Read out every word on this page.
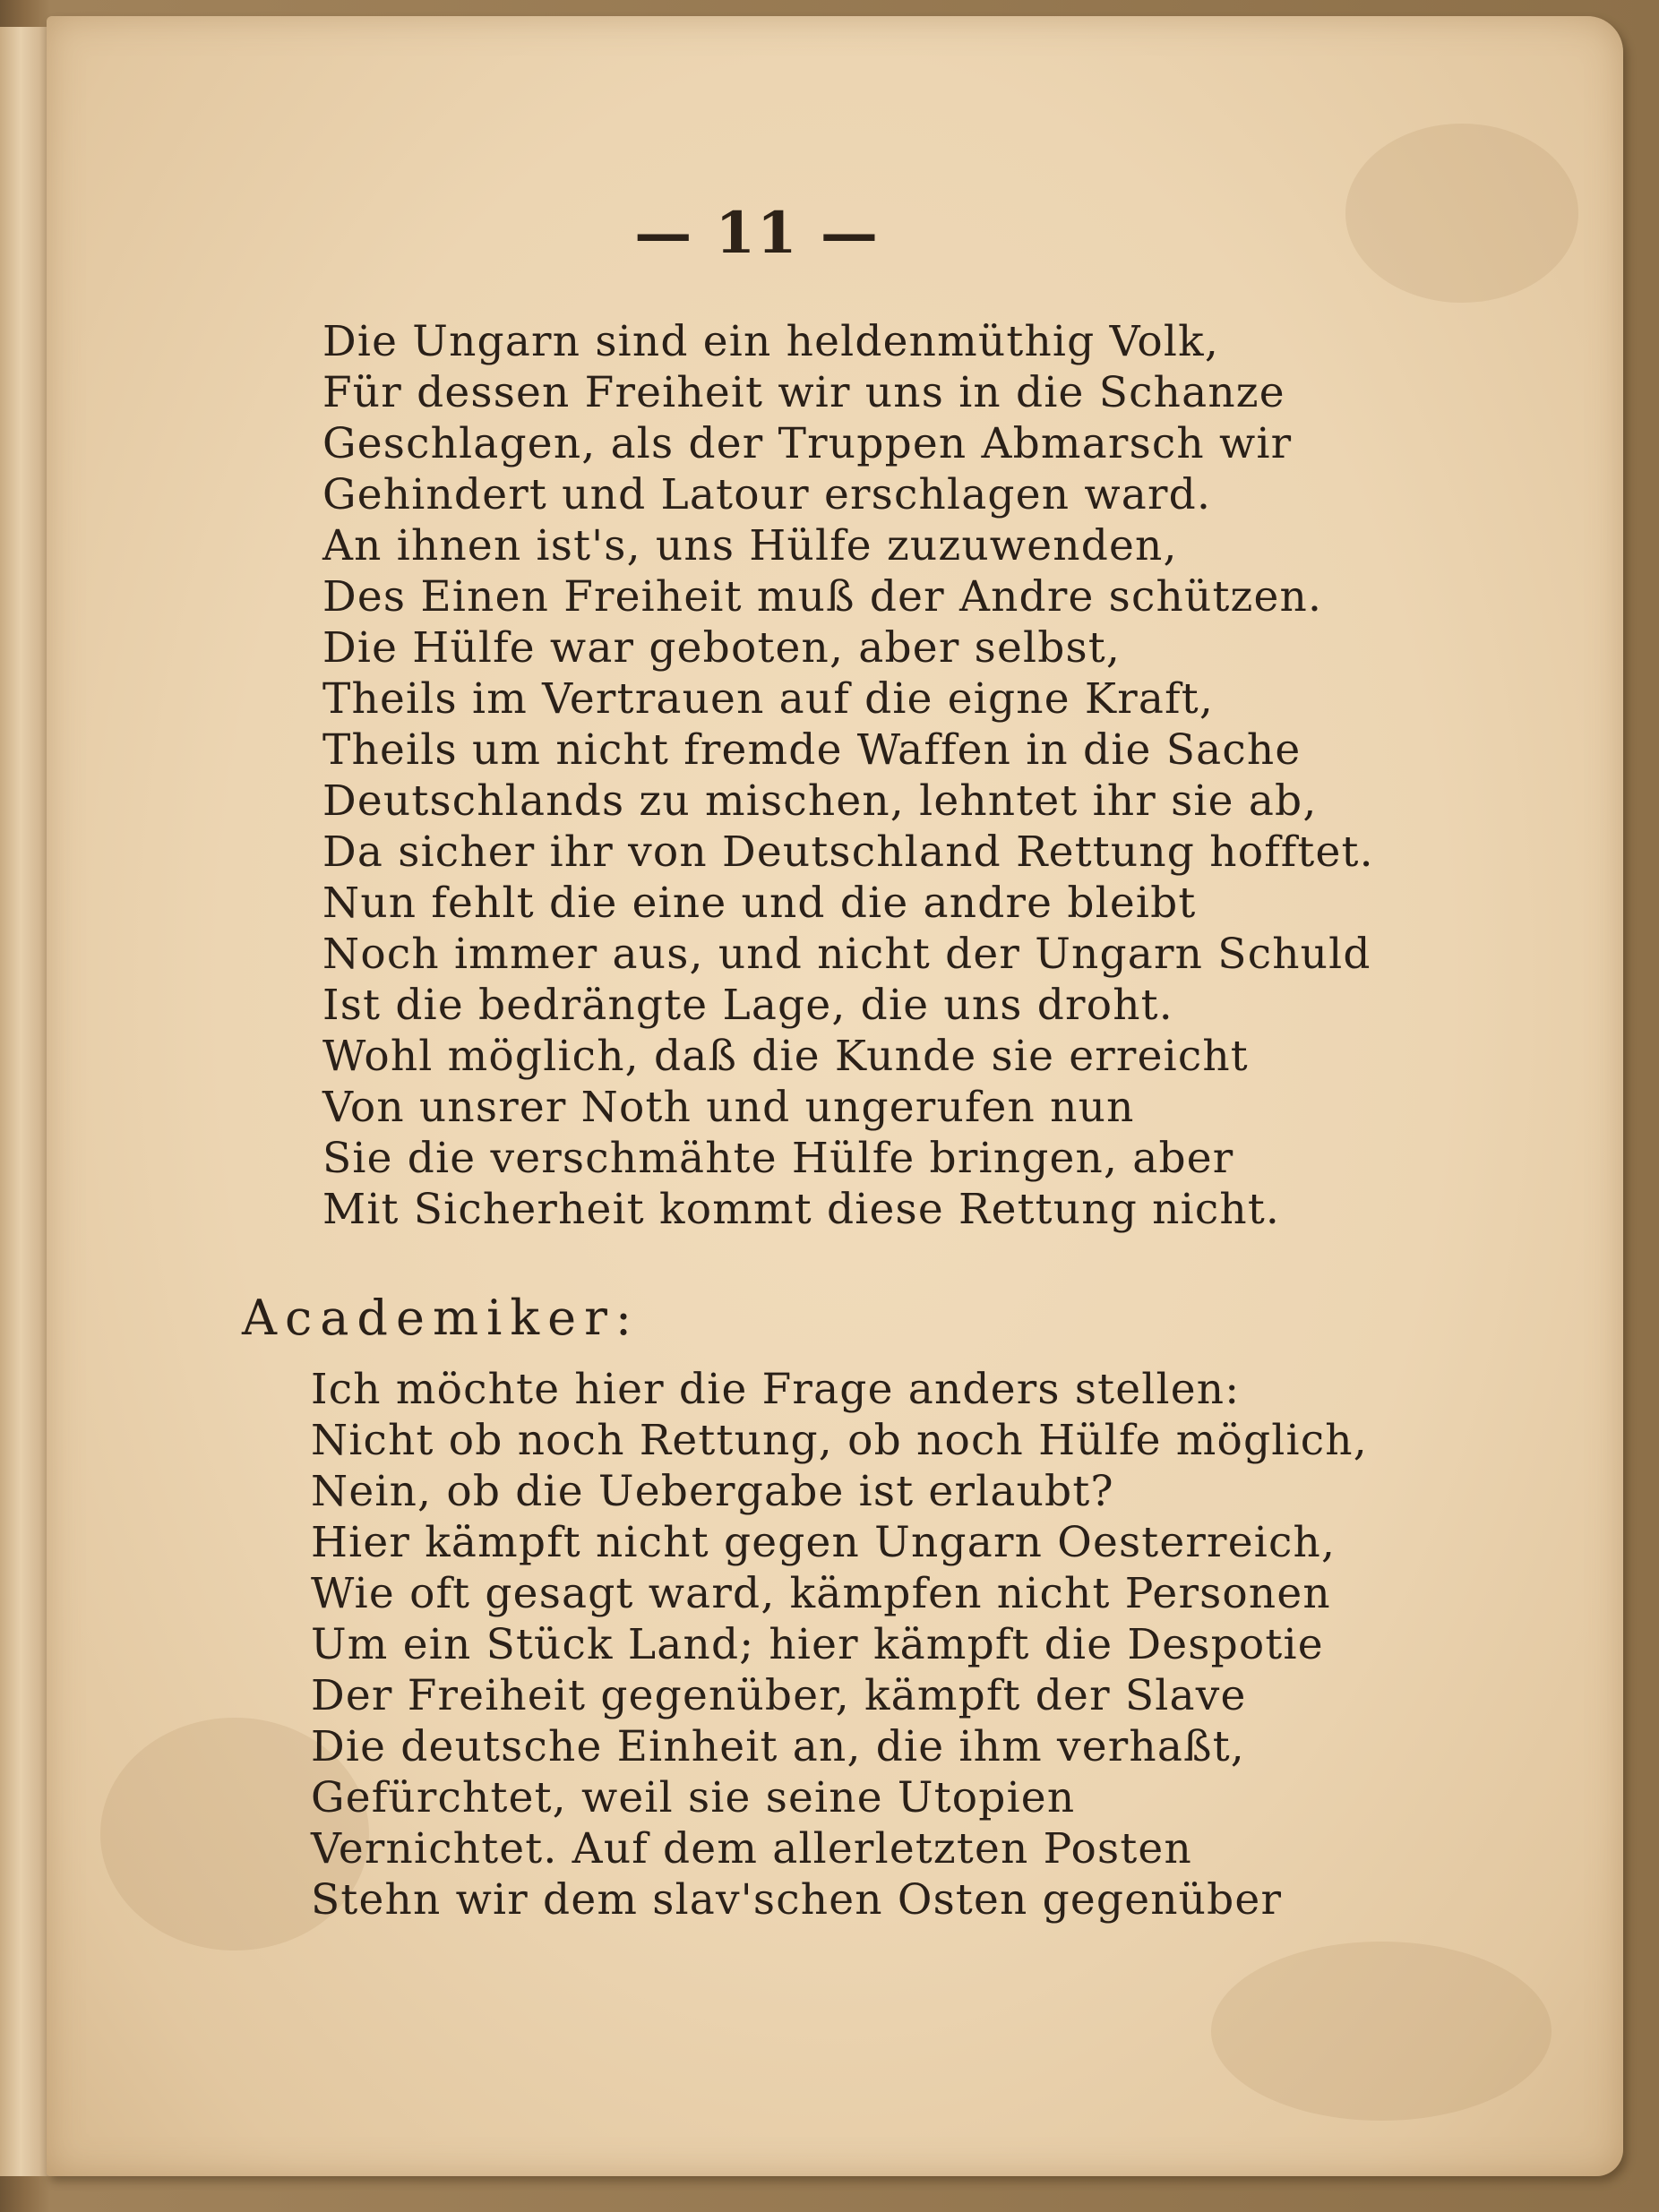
— 11 —
Die Ungarn sind ein heldenmüthig Volk,
Für dessen Freiheit wir uns in die Schanze
Geschlagen, als der Truppen Abmarsch wir
Gehindert und Latour erschlagen ward.
An ihnen ist's, uns Hülfe zuzuwenden,
Des Einen Freiheit muß der Andre schützen.
Die Hülfe war geboten, aber selbst,
Theils im Vertrauen auf die eigne Kraft,
Theils um nicht fremde Waffen in die Sache
Deutschlands zu mischen, lehntet ihr sie ab,
Da sicher ihr von Deutschland Rettung hofftet.
Nun fehlt die eine und die andre bleibt
Noch immer aus, und nicht der Ungarn Schuld
Ist die bedrängte Lage, die uns droht.
Wohl möglich, daß die Kunde sie erreicht
Von unsrer Noth und ungerufen nun
Sie die verschmähte Hülfe bringen, aber
Mit Sicherheit kommt diese Rettung nicht.
Academiker:
Ich möchte hier die Frage anders stellen:
Nicht ob noch Rettung, ob noch Hülfe möglich,
Nein, ob die Uebergabe ist erlaubt?
Hier kämpft nicht gegen Ungarn Oesterreich,
Wie oft gesagt ward, kämpfen nicht Personen
Um ein Stück Land; hier kämpft die Despotie
Der Freiheit gegenüber, kämpft der Slave
Die deutsche Einheit an, die ihm verhaßt,
Gefürchtet, weil sie seine Utopien
Vernichtet. Auf dem allerletzten Posten
Stehn wir dem slav'schen Osten gegenüber
